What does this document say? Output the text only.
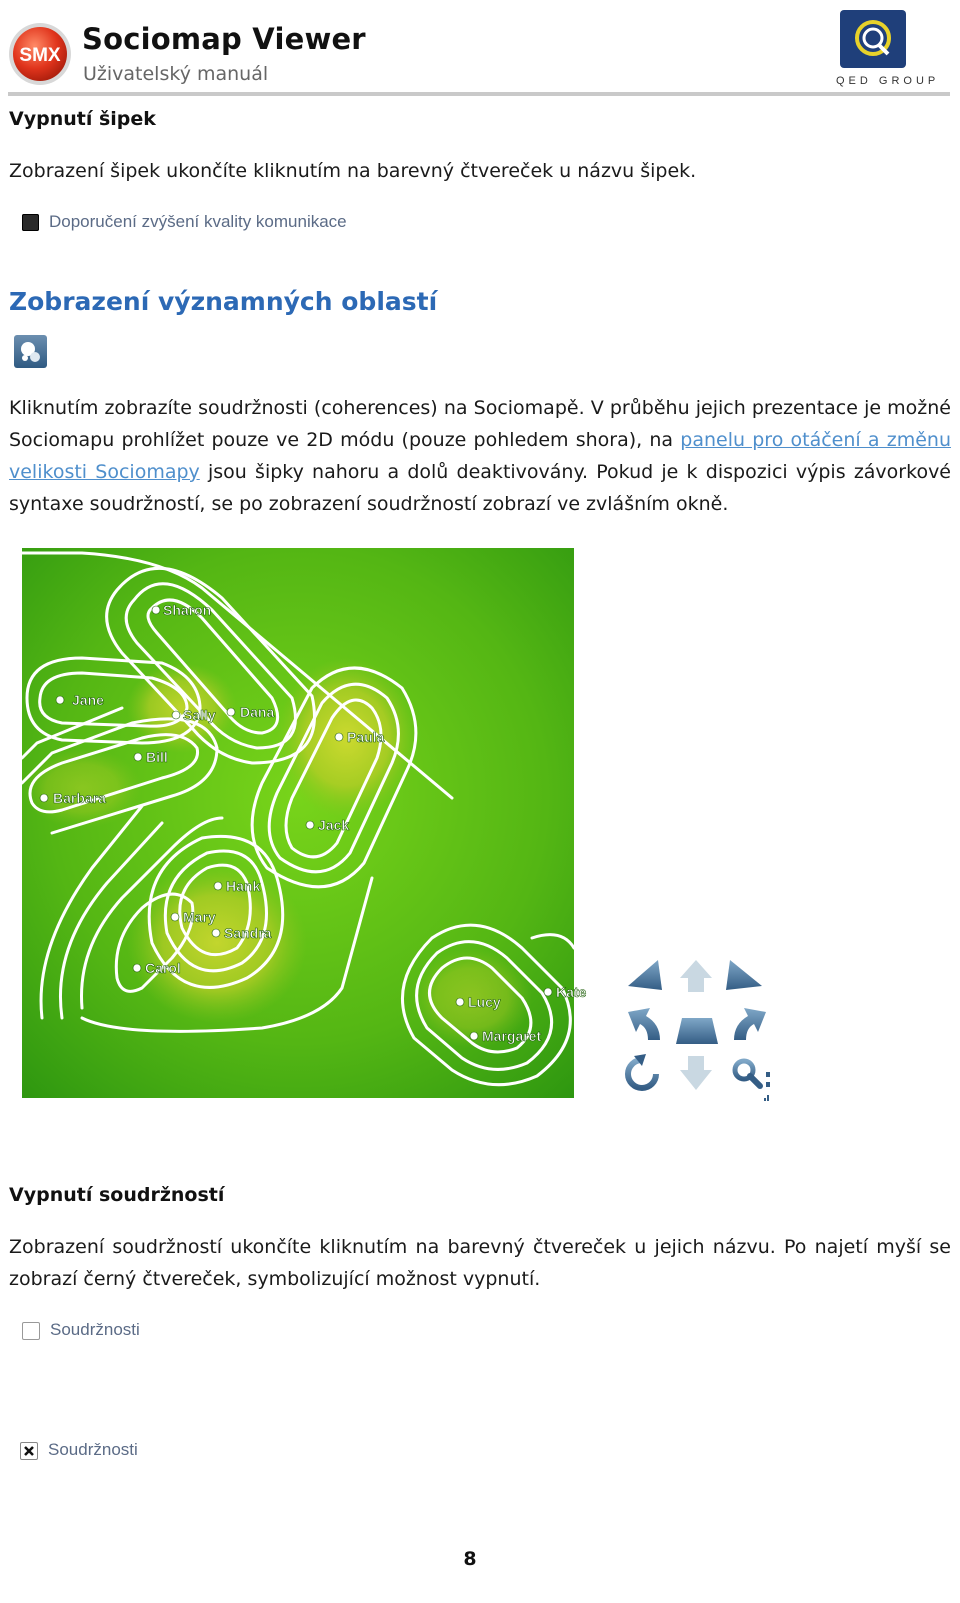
SMX Sociomap Viewer
Uživatelský manuál	QED GROUP
Vypnutí šipek
Zobrazení šipek ukončíte kliknutím na barevný čtvereček u názvu šipek.
Doporučení zvýšení kvality komunikace
Zobrazení významných oblastí
Kliknutím zobrazíte soudržnosti (coherences) na Sociomapě. V průběhu jejich prezentace je možné Sociomapu prohlížet pouze ve 2D módu (pouze pohledem shora), na panelu pro otáčení a změnu velikosti Sociomapy jsou šipky nahoru a dolů deaktivovány. Pokud je k dispozici výpis závorkové syntaxe soudržností, se po zobrazení soudržností zobrazí ve zvlášním okně.
Sharon
Jane
Sally Dana
Paula
Bill
Barbara
Jack
Hank
Mary
Sandra
Carol
Lucy
Kate
Margaret
Vypnutí soudržností
Zobrazení soudržností ukončíte kliknutím na barevný čtvereček u jejich názvu. Po najetí myší se zobrazí černý čtvereček, symbolizující možnost vypnutí.
Soudržnosti
Soudržnosti
8
